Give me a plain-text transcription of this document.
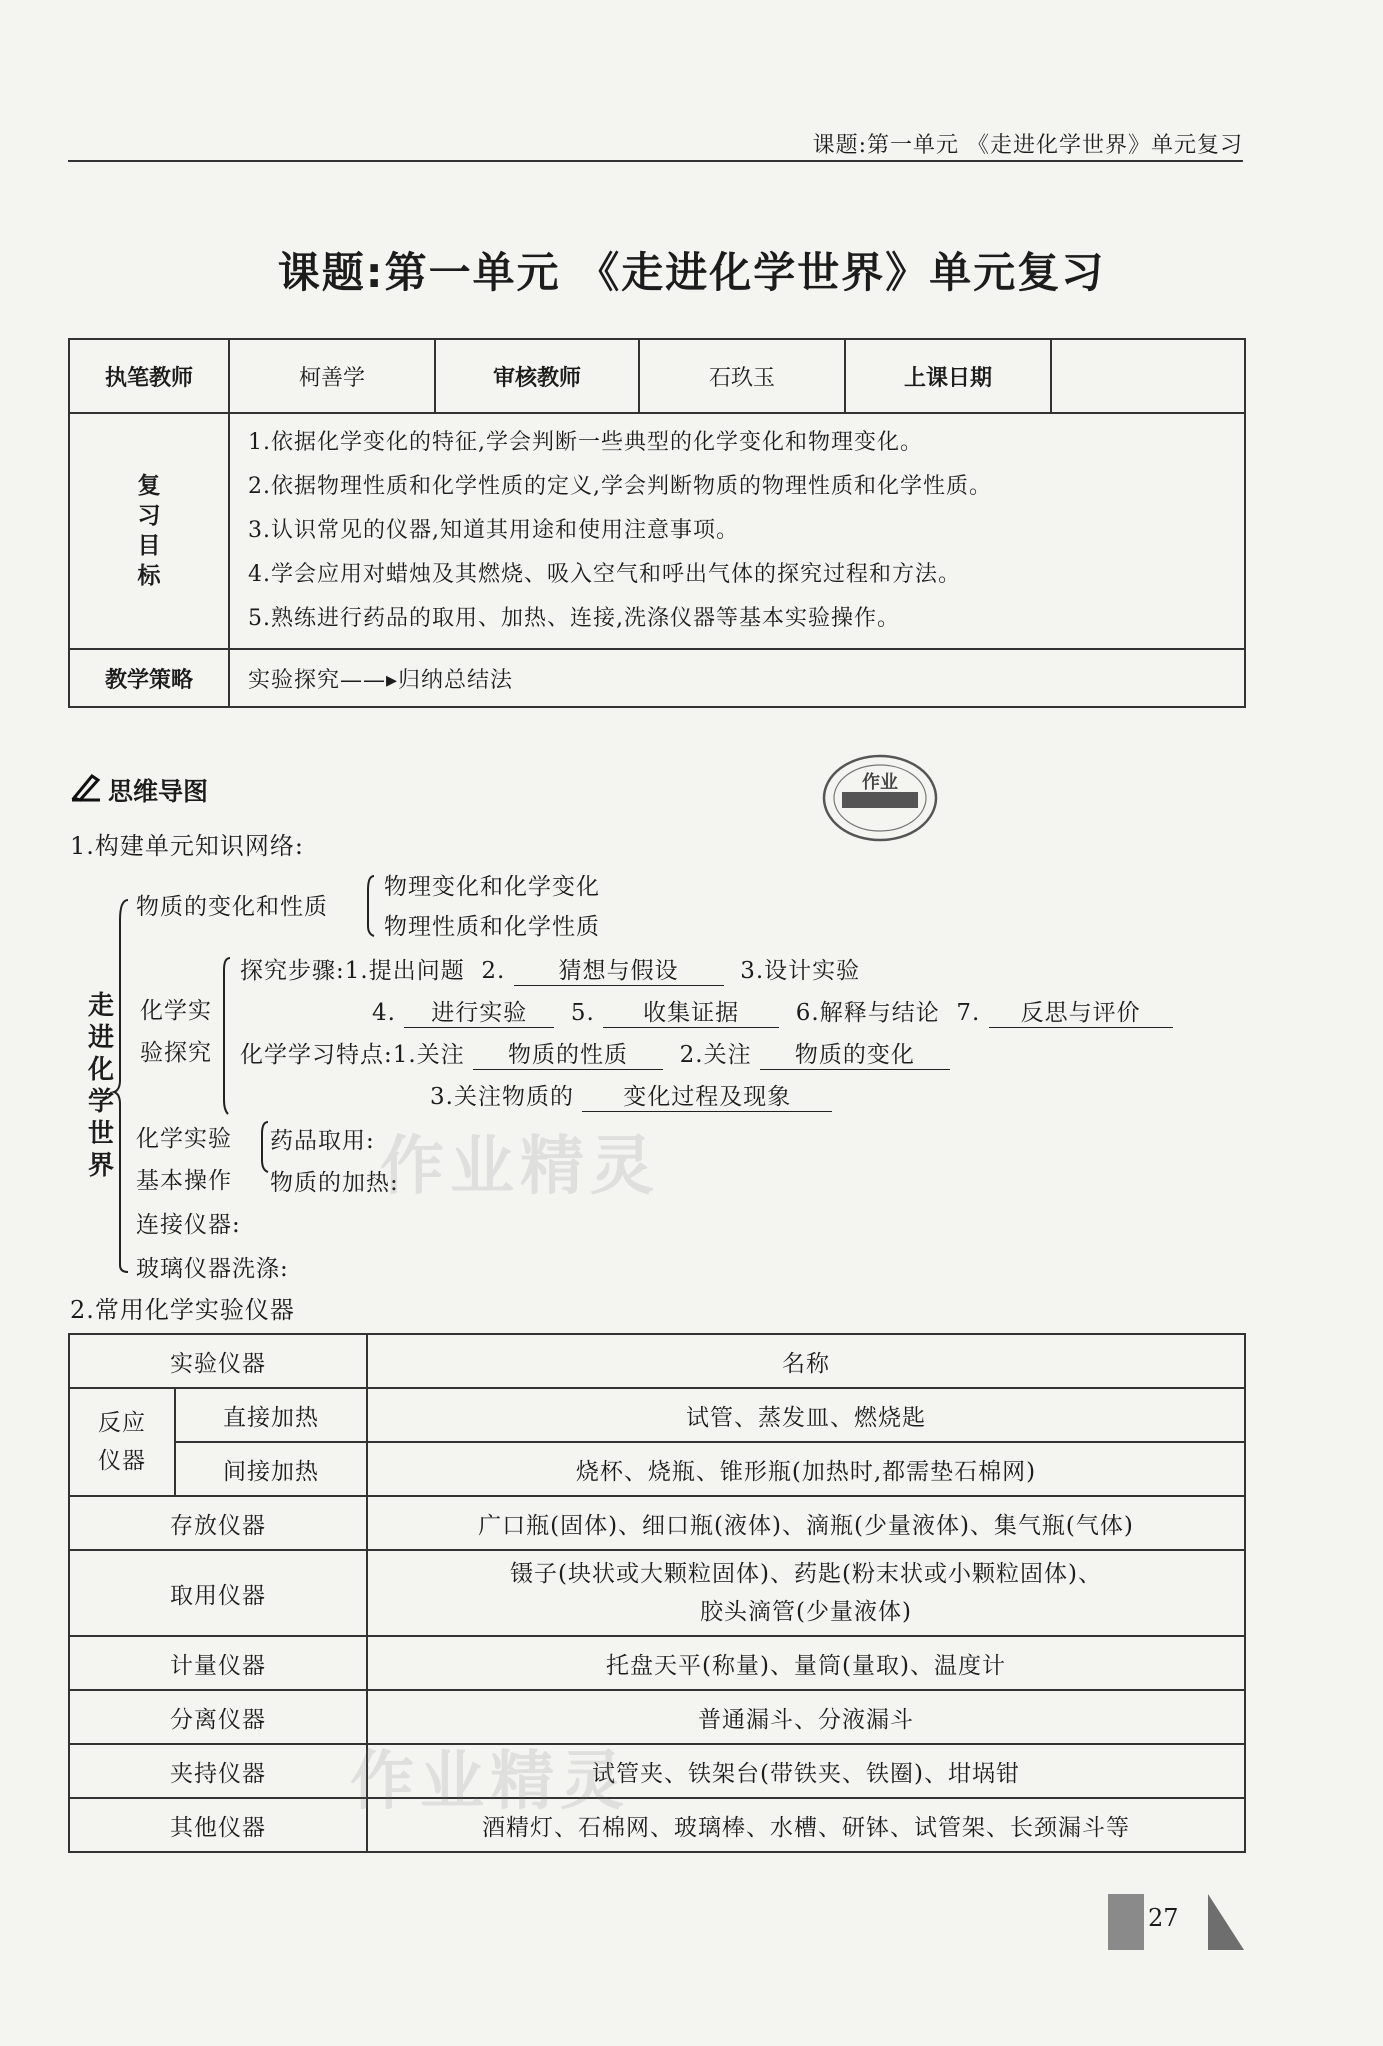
课题:第一单元 《走进化学世界》单元复习
课题:第一单元 《走进化学世界》单元复习
执笔教师	柯善学	审核教师	石玖玉	上课日期	

复习目标	1.依据化学变化的特征,学会判断一些典型的化学变化和物理变化。
2.依据物理性质和化学性质的定义,学会判断物质的物理性质和化学性质。
3.认识常见的仪器,知道其用途和使用注意事项。
4.学会应用对蜡烛及其燃烧、吸入空气和呼出气体的探究过程和方法。
5.熟练进行药品的取用、加热、连接,洗涤仪器等基本实验操作。				

教学策略	实验探究——▸归纳总结法				
思维导图
1.构建单元知识网络:
走进化学世界
物质的变化和性质
物理变化和化学变化
物理性质和化学性质
化学实
验探究
探究步骤:1.提出问题 2. 猜想与假设	3.设计实验
4. 进行实验 5. 收集证据 6.解释与结论 7. 反思与评价
化学学习特点:1.关注 物质的性质 2.关注 物质的变化
3.关注物质的 变化过程及现象
化学实验
基本操作
药品取用:
物质的加热:
连接仪器:
玻璃仪器洗涤:
2.常用化学实验仪器
实验仪器		名称

反应仪器	直接加热	试管、蒸发皿、燃烧匙
	间接加热	烧杯、烧瓶、锥形瓶(加热时,都需垫石棉网)
存放仪器		广口瓶(固体)、细口瓶(液体)、滴瓶(少量液体)、集气瓶(气体)
取用仪器		镊子(块状或大颗粒固体)、药匙(粉末状或小颗粒固体)、
胶头滴管(少量液体)

计量仪器		托盘天平(称量)、量筒(量取)、温度计
分离仪器		普通漏斗、分液漏斗
夹持仪器		试管夹、铁架台(带铁夹、铁圈)、坩埚钳
其他仪器		酒精灯、石棉网、玻璃棒、水槽、研钵、试管架、长颈漏斗等
作业
作业精灵
作业精灵
27
